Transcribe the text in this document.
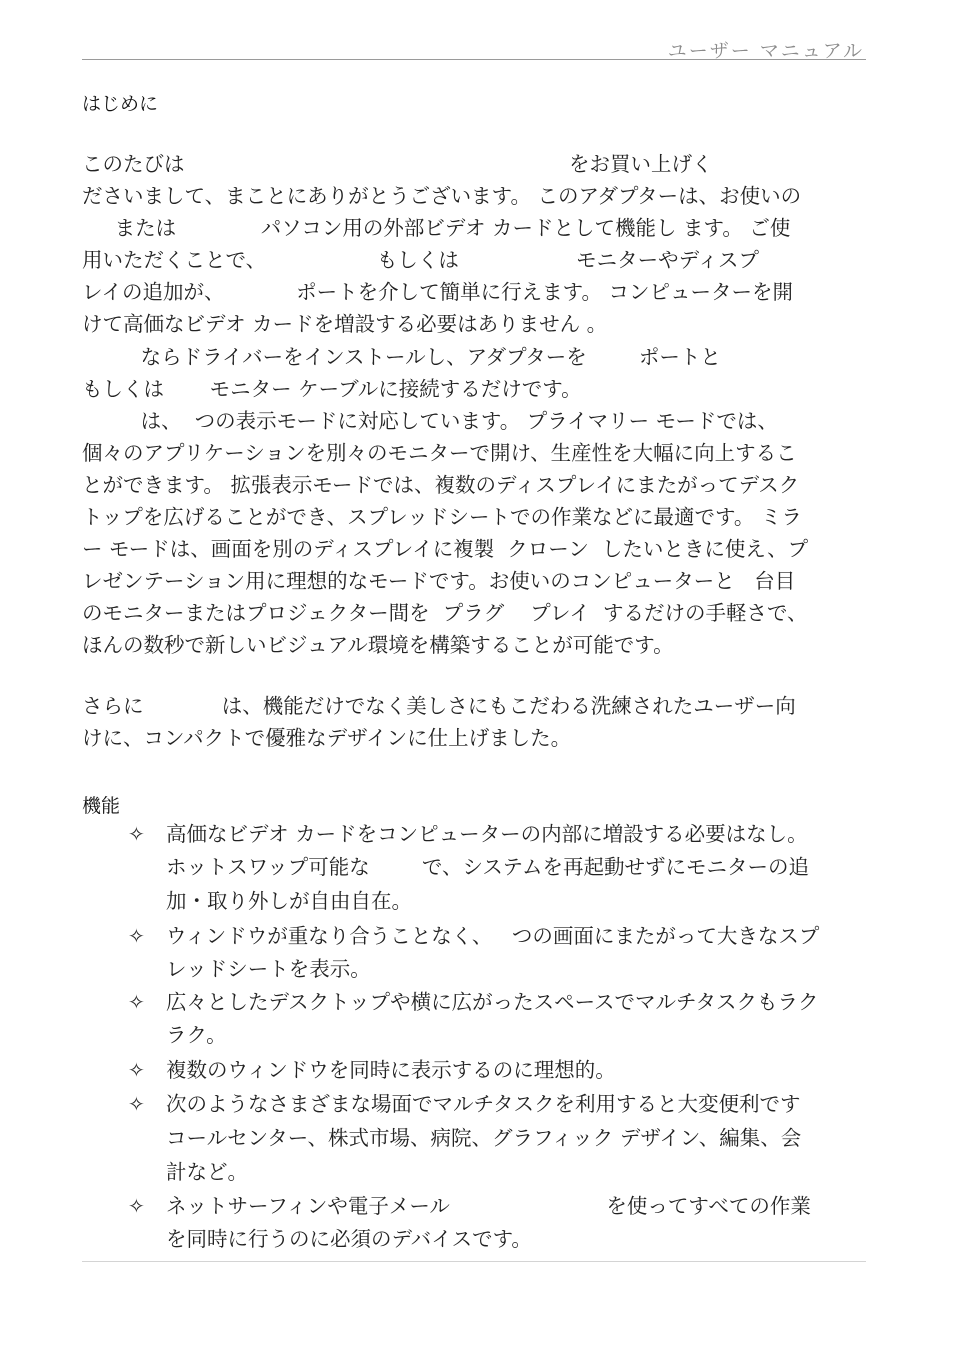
ユーザー マニュアル
はじめに
このたびは                                                           をお買い上げく
ださいまして、まことにありがとうございます。 このアダプターは、お使いの
または             パソコン用の外部ビデオ カードとして機能し ます。 ご使
用いただくことで、                 もしくは                  モニターやディスプ
レイの追加が、           ポートを介して簡単に行えます。 コンピューターを開
けて高価なビデオ カードを増設する必要はありません 。
ならドライバーをインストールし、アダプターを        ポートと
もしくは       モニター ケーブルに接続するだけです。
は、  つの表示モードに対応しています。 プライマリー モードでは、
個々のアプリケーションを別々のモニターで開け、生産性を大幅に向上するこ
とができます。 拡張表示モードでは、複数のディスプレイにまたがってデスク
トップを広げることができ、スプレッドシートでの作業などに最適です。 ミラ
ー モードは、画面を別のディスプレイに複製  クローン  したいときに使え、プ
レゼンテーション用に理想的なモードです。お使いのコンピューターと   台目
のモニターまたはプロジェクター間を  プラグ    プレイ  するだけの手軽さで、
ほんの数秒で新しいビジュアル環境を構築することが可能です。
さらに            は、機能だけでなく美しさにもこだわる洗練されたユーザー向
けに、コンパクトで優雅なデザインに仕上げました。
機能
✧ 高価なビデオ カードをコンピューターの内部に増設する必要はなし。
ホットスワップ可能な        で、システムを再起動せずにモニターの追
加・取り外しが自由自在。
✧ ウィンドウが重なり合うことなく、   つの画面にまたがって大きなスプ
レッドシートを表示。
✧ 広々としたデスクトップや横に広がったスペースでマルチタスクもラク
ラク。
✧ 複数のウィンドウを同時に表示するのに理想的。
✧ 次のようなさまざまな場面でマルチタスクを利用すると大変便利です
コールセンター、株式市場、病院、グラフィック デザイン、編集、会
計など。
✧ ネットサーフィンや電子メール                        を使ってすべての作業
を同時に行うのに必須のデバイスです。
